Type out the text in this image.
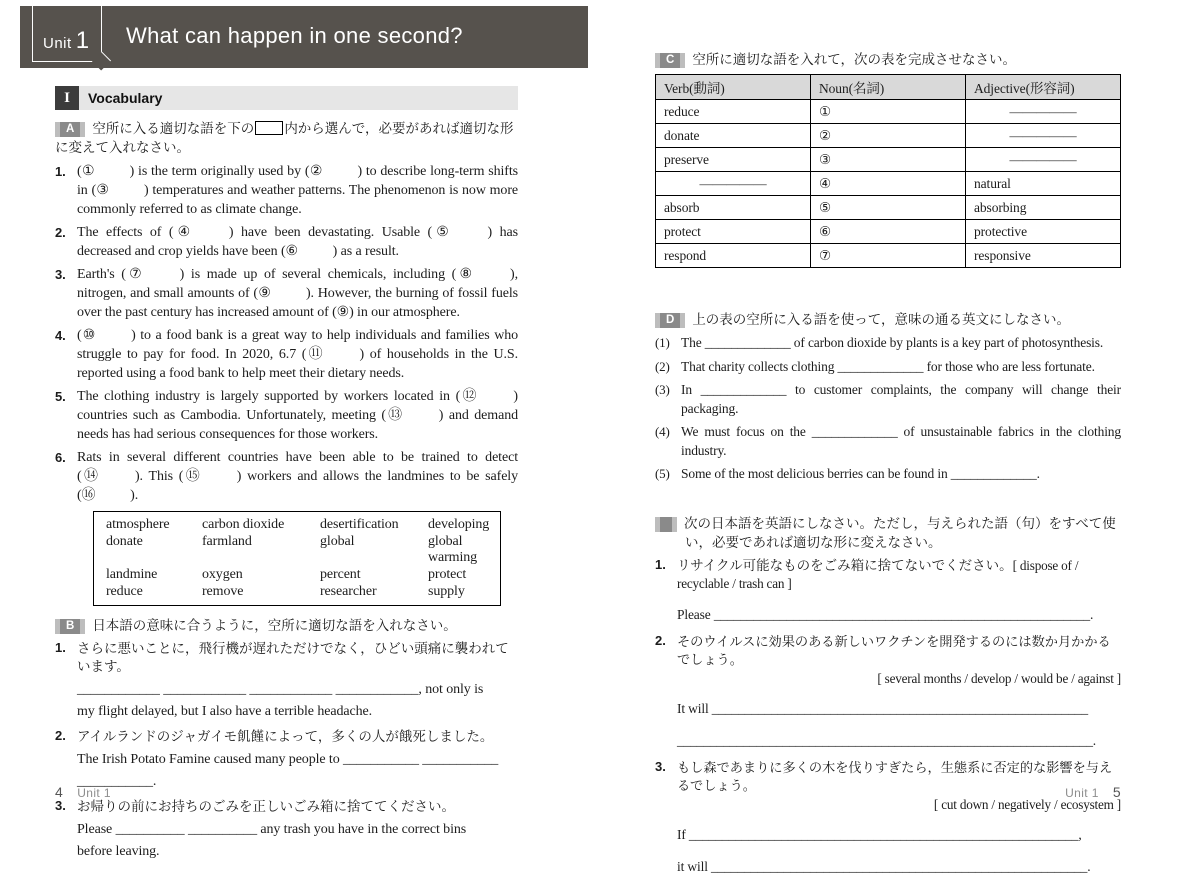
Unit 1 What can happen in one second?
I	Vocabulary
A 空所に入る適切な語を下の 内から選んで，必要があれば適切な形に変えて入れなさい。
1. (①   ) is the term originally used by (②   ) to describe long-term shifts in (③   ) temperatures and weather patterns. The phenomenon is now more commonly referred to as climate change.
2. The effects of (④   ) have been devastating. Usable (⑤   ) has decreased and crop yields have been (⑥   ) as a result.
3. Earth's (⑦   ) is made up of several chemicals, including (⑧   ), nitrogen, and small amounts of (⑨   ). However, the burning of fossil fuels over the past century has increased amount of (⑨) in our atmosphere.
4. (⑩   ) to a food bank is a great way to help individuals and families who struggle to pay for food. In 2020, 6.7 (⑪   ) of households in the U.S. reported using a food bank to help meet their dietary needs.
5. The clothing industry is largely supported by workers located in (⑫   ) countries such as Cambodia. Unfortunately, meeting (⑬   ) and demand needs has had serious consequences for those workers.
6. Rats in several different countries have been able to be trained to detect (⑭   ). This (⑮   ) workers and allows the landmines to be safely (⑯   ).
atmosphere	carbon dioxide	desertification	developing
donate	farmland	global	global warming
landmine	oxygen	percent	protect
reduce	remove	researcher	supply
B 日本語の意味に合うように，空所に適切な語を入れなさい。
1. さらに悪いことに，飛行機が遅れただけでなく，ひどい頭痛に襲われています。
____________ ____________ ____________ ____________, not only is
my flight delayed, but I also have a terrible headache.
2. アイルランドのジャガイモ飢饉によって，多くの人が餓死しました。
The Irish Potato Famine caused many people to ___________ ___________
___________.
3. お帰りの前にお持ちのごみを正しいごみ箱に捨ててください。
Please __________ __________ any trash you have in the correct bins
before leaving.
C 空所に適切な語を入れて，次の表を完成させなさい。
Verb(動詞)	Noun(名詞)	Adjective(形容詞)
reduce	①	―――――
donate	②	―――――
preserve	③	―――――
―――――	④	natural
absorb	⑤	absorbing
protect	⑥	protective
respond	⑦	responsive
D 上の表の空所に入る語を使って，意味の通る英文にしなさい。
(1) The _____________ of carbon dioxide by plants is a key part of photosynthesis.
(2) That charity collects clothing _____________ for those who are less fortunate.
(3) In _____________ to customer complaints, the company will change their packaging.
(4) We must focus on the _____________ of unsustainable fabrics in the clothing industry.
(5) Some of the most delicious berries can be found in _____________.
E	次の日本語を英語にしなさい。ただし，与えられた語（句）をすべて使い，必要であれば適切な形に変えなさい。
1. リサイクル可能なものをごみ箱に捨てないでください。[ dispose of / recyclable / trash can ]
Please _________________________________________________________.
2. そのウイルスに効果のある新しいワクチンを開発するのには数か月かかるでしょう。
[ several months / develop / would be / against ]
It will _________________________________________________________
_______________________________________________________________.
3. もし森であまりに多くの木を伐りすぎたら，生態系に否定的な影響を与えるでしょう。
[ cut down / negatively / ecosystem ]
If ___________________________________________________________,
it will _________________________________________________________.
4 Unit 1	Unit 1 5
